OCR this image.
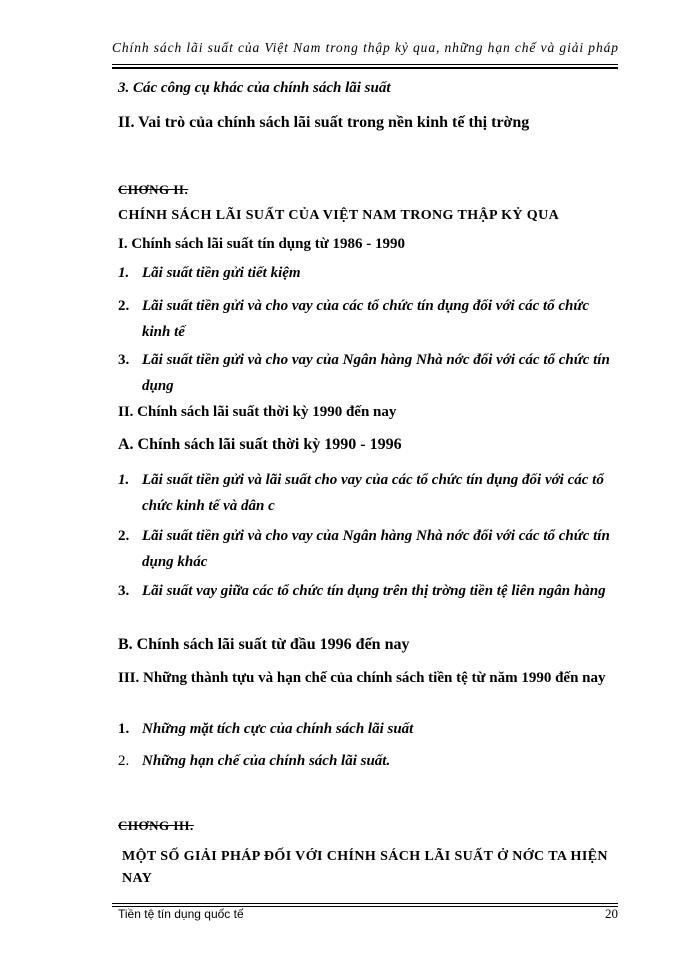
Chính sách lãi suất của Việt Nam trong thập kỷ qua, những hạn chế và giải pháp
3. Các công cụ khác của chính sách lãi suất
II. Vai trò của chính sách lãi suất trong nền kinh tế thị trờng
CHƠNG II.
CHÍNH SÁCH LÃI SUẤT CỦA VIỆT NAM TRONG THẬP KỶ QUA
I. Chính sách lãi suất tín dụng từ 1986 - 1990
1. Lãi suất tiền gửi tiết kiệm
2. Lãi suất tiền gửi và cho vay của các tổ chức tín dụng đối với các tổ chức kinh tế
3. Lãi suất tiền gửi và cho vay của Ngân hàng Nhà nớc đối với các tổ chức tín dụng
II. Chính sách lãi suất thời kỳ 1990 đến nay
A. Chính sách lãi suất thời kỳ 1990 - 1996
1. Lãi suất tiền gửi và lãi suất cho vay của các tổ chức tín dụng đối với các tổ chức kinh tế và dân c
2. Lãi suất tiền gửi và cho vay của Ngân hàng Nhà nớc đối với các tổ chức tín dụng khác
3. Lãi suất vay giữa các tổ chức tín dụng trên thị trờng tiền tệ liên ngân hàng
B. Chính sách lãi suất từ đầu 1996 đến nay
III. Những thành tựu và hạn chế của chính sách tiền tệ từ năm 1990 đến nay
1. Những mặt tích cực của chính sách lãi suất
2. Những hạn chế của chính sách lãi suất.
CHƠNG III.
MỘT SỐ GIẢI PHÁP ĐỐI VỚI CHÍNH SÁCH LÃI SUẤT Ở NỚC TA HIỆN NAY
Tiền tệ tín dụng quốc tế	20
